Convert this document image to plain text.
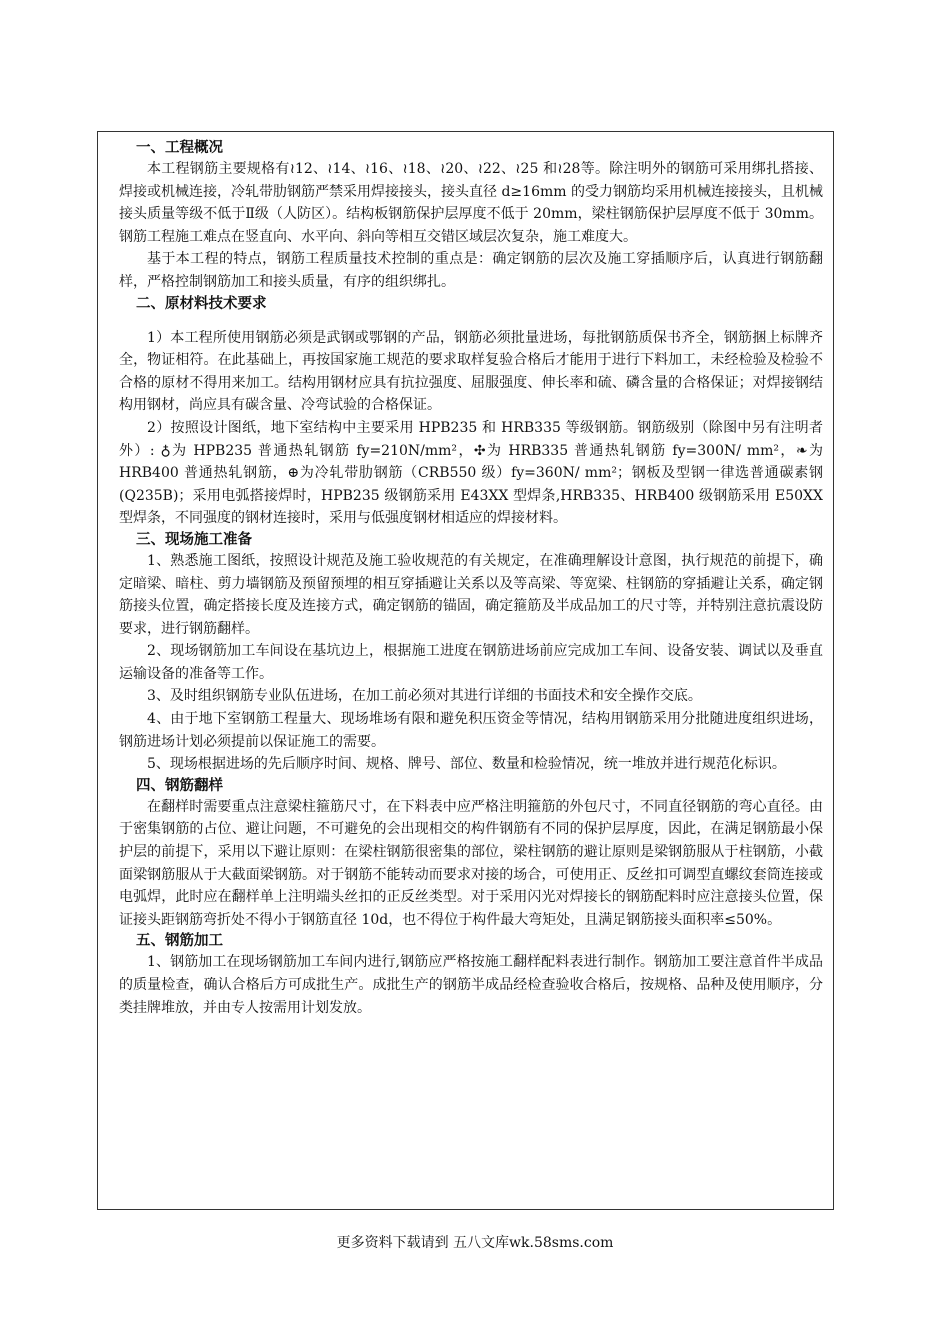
一、工程概况

本工程钢筋主要规格有≀12、≀14、≀16、≀18、≀20、≀22、≀25 和≀28等。除注明外的钢筋可采用绑扎搭接、焊接或机械连接，冷轧带肋钢筋严禁采用焊接接头，接头直径 d≥16mm 的受力钢筋均采用机械连接接头，且机械接头质量等级不低于Ⅱ级（人防区）。结构板钢筋保护层厚度不低于 20mm，梁柱钢筋保护层厚度不低于 30mm。钢筋工程施工难点在竖直向、水平向、斜向等相互交错区域层次复杂，施工难度大。

基于本工程的特点，钢筋工程质量技术控制的重点是：确定钢筋的层次及施工穿插顺序后，认真进行钢筋翻样，严格控制钢筋加工和接头质量，有序的组织绑扎。

二、原材料技术要求

1）本工程所使用钢筋必须是武钢或鄂钢的产品，钢筋必须批量进场，每批钢筋质保书齐全，钢筋捆上标牌齐全，物证相符。在此基础上，再按国家施工规范的要求取样复验合格后才能用于进行下料加工，未经检验及检验不合格的原材不得用来加工。结构用钢材应具有抗拉强度、屈服强度、伸长率和硫、磷含量的合格保证；对焊接钢结构用钢材，尚应具有碳含量、冷弯试验的合格保证。

2）按照设计图纸，地下室结构中主要采用 HPB235 和 HRB335 等级钢筋。钢筋级别（除图中另有注明者外）: ♁为 HPB235 普通热轧钢筋 fy=210N/mm²，✣为 HRB335 普通热轧钢筋 fy=300N/ mm²，❧为 HRB400 普通热轧钢筋，⊕为冷轧带肋钢筋（CRB550 级）fy=360N/ mm²；钢板及型钢一律选普通碳素钢(Q235B)；采用电弧搭接焊时，HPB235 级钢筋采用 E43XX 型焊条,HRB335、HRB400 级钢筋采用 E50XX 型焊条，不同强度的钢材连接时，采用与低强度钢材相适应的焊接材料。

三、现场施工准备

1、熟悉施工图纸，按照设计规范及施工验收规范的有关规定，在准确理解设计意图，执行规范的前提下，确定暗梁、暗柱、剪力墙钢筋及预留预埋的相互穿插避让关系以及等高梁、等宽梁、柱钢筋的穿插避让关系，确定钢筋接头位置，确定搭接长度及连接方式，确定钢筋的锚固，确定箍筋及半成品加工的尺寸等，并特别注意抗震设防要求，进行钢筋翻样。

2、现场钢筋加工车间设在基坑边上，根据施工进度在钢筋进场前应完成加工车间、设备安装、调试以及垂直运输设备的准备等工作。

3、及时组织钢筋专业队伍进场，在加工前必须对其进行详细的书面技术和安全操作交底。

4、由于地下室钢筋工程量大、现场堆场有限和避免积压资金等情况，结构用钢筋采用分批随进度组织进场，钢筋进场计划必须提前以保证施工的需要。

5、现场根据进场的先后顺序时间、规格、牌号、部位、数量和检验情况，统一堆放并进行规范化标识。

四、钢筋翻样

在翻样时需要重点注意梁柱箍筋尺寸，在下料表中应严格注明箍筋的外包尺寸，不同直径钢筋的弯心直径。由于密集钢筋的占位、避让问题，不可避免的会出现相交的构件钢筋有不同的保护层厚度，因此，在满足钢筋最小保护层的前提下，采用以下避让原则：在梁柱钢筋很密集的部位，梁柱钢筋的避让原则是梁钢筋服从于柱钢筋，小截面梁钢筋服从于大截面梁钢筋。对于钢筋不能转动而要求对接的场合，可使用正、反丝扣可调型直螺纹套筒连接或电弧焊，此时应在翻样单上注明端头丝扣的正反丝类型。对于采用闪光对焊接长的钢筋配料时应注意接头位置，保证接头距钢筋弯折处不得小于钢筋直径 10d，也不得位于构件最大弯矩处，且满足钢筋接头面积率≤50%。

五、钢筋加工

1、钢筋加工在现场钢筋加工车间内进行,钢筋应严格按施工翻样配料表进行制作。钢筋加工要注意首件半成品的质量检查，确认合格后方可成批生产。成批生产的钢筋半成品经检查验收合格后，按规格、品种及使用顺序，分类挂牌堆放，并由专人按需用计划发放。

更多资料下载请到 五八文库wk.58sms.com
